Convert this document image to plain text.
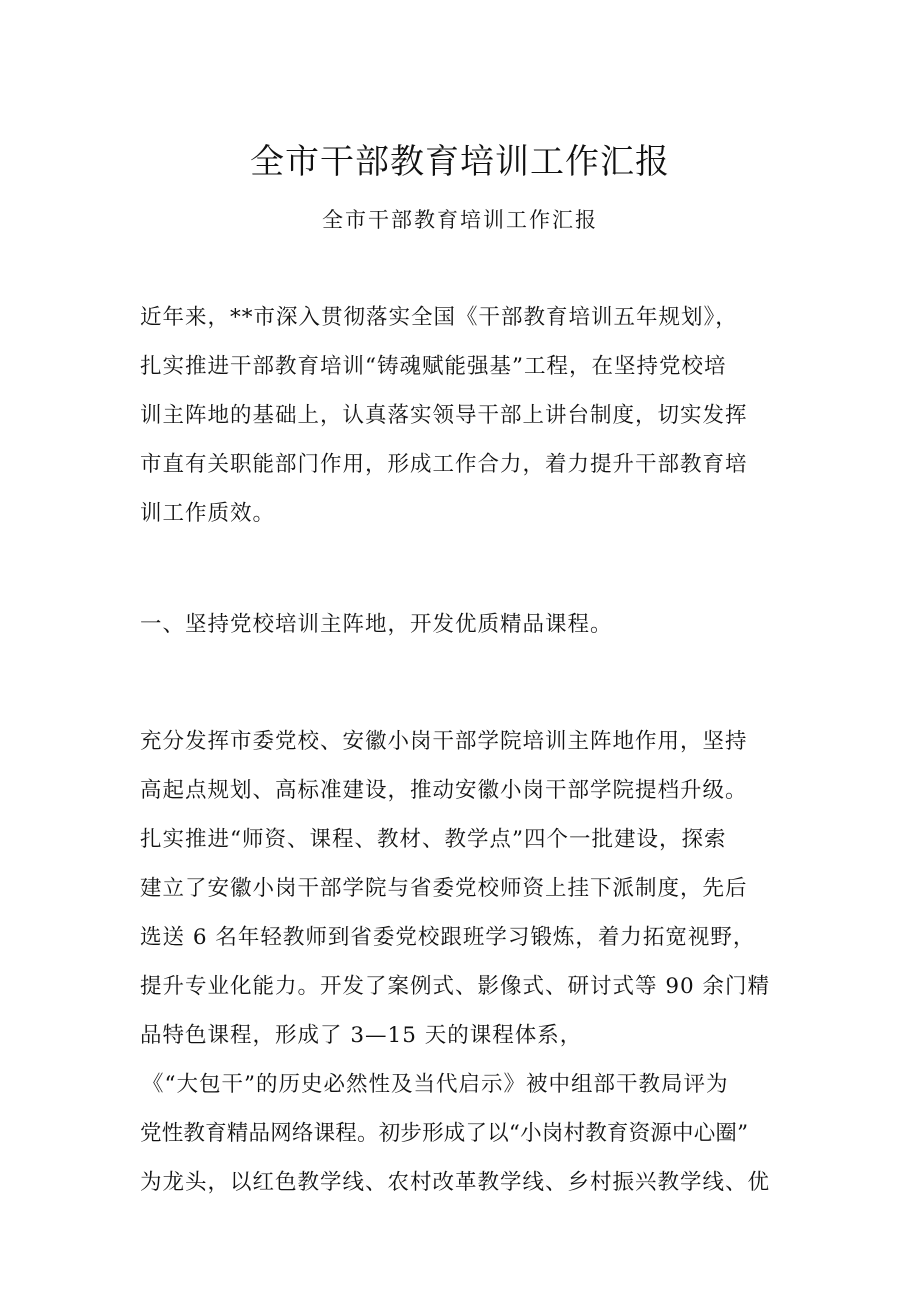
全市干部教育培训工作汇报
全市干部教育培训工作汇报
近年来，**市深入贯彻落实全国《干部教育培训五年规划》，
扎实推进干部教育培训“铸魂赋能强基”工程，在坚持党校培
训主阵地的基础上，认真落实领导干部上讲台制度，切实发挥
市直有关职能部门作用，形成工作合力，着力提升干部教育培
训工作质效。
一、坚持党校培训主阵地，开发优质精品课程。
充分发挥市委党校、安徽小岗干部学院培训主阵地作用，坚持
高起点规划、高标准建设，推动安徽小岗干部学院提档升级。
扎实推进“师资、课程、教材、教学点”四个一批建设，探索
建立了安徽小岗干部学院与省委党校师资上挂下派制度，先后
选送 6 名年轻教师到省委党校跟班学习锻炼，着力拓宽视野，
提升专业化能力。开发了案例式、影像式、研讨式等 90 余门精
品特色课程，形成了 3—15 天的课程体系，
《“大包干”的历史必然性及当代启示》被中组部干教局评为
党性教育精品网络课程。初步形成了以“小岗村教育资源中心圈”
为龙头，以红色教学线、农村改革教学线、乡村振兴教学线、优
